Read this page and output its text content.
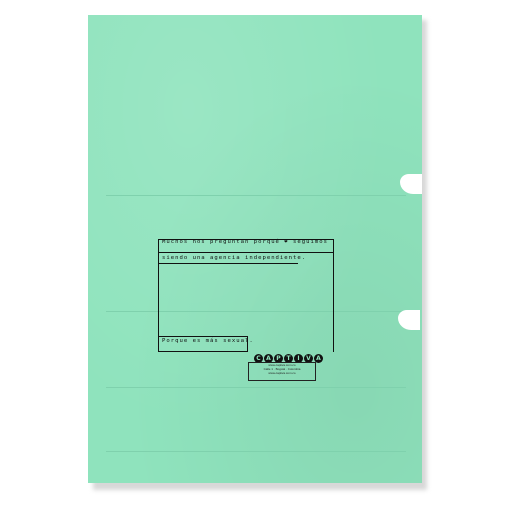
Muchos nos preguntan porqué ❤ seguimos
siendo una agencia independiente.
Porque es más sexual.
C A P T	I	V A
www.captiva.com.co
Calle 1 · Bogotá · Colombia
www.captiva.com.co
